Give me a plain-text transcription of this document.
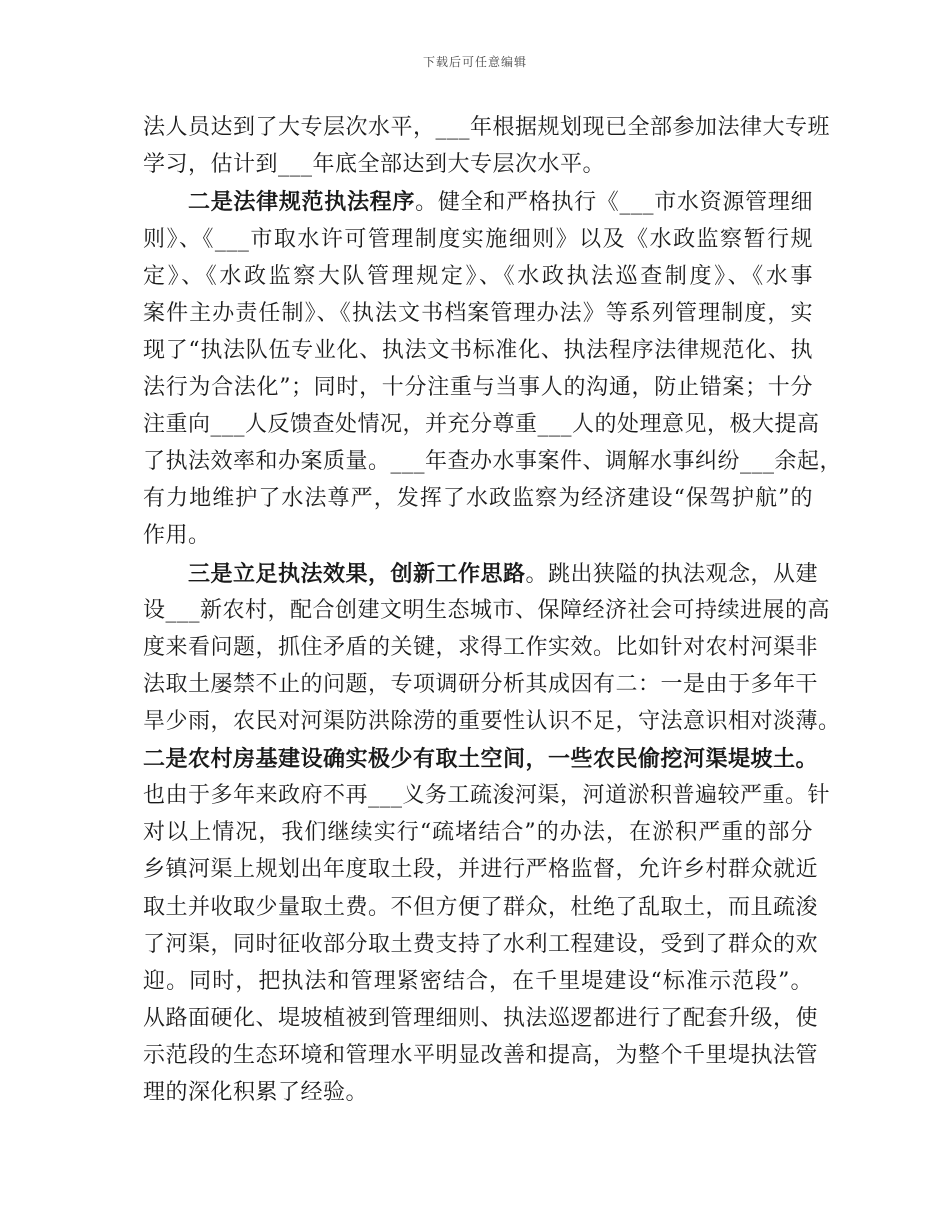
下载后可任意编辑
法人员达到了大专层次水平，___年根据规划现已全部参加法律大专班
学习，估计到___年底全部达到大专层次水平。
二是法律规范执法程序。健全和严格执行《___市水资源管理细
则》、《___市取水许可管理制度实施细则》以及《水政监察暂行规
定》、《水政监察大队管理规定》、《水政执法巡查制度》、《水事
案件主办责任制》、《执法文书档案管理办法》等系列管理制度，实
现了“执法队伍专业化、执法文书标准化、执法程序法律规范化、执
法行为合法化”；同时，十分注重与当事人的沟通，防止错案；十分
注重向___人反馈查处情况，并充分尊重___人的处理意见，极大提高
了执法效率和办案质量。___年查办水事案件、调解水事纠纷___余起，
有力地维护了水法尊严，发挥了水政监察为经济建设“保驾护航”的
作用。
三是立足执法效果，创新工作思路。跳出狭隘的执法观念，从建
设___新农村，配合创建文明生态城市、保障经济社会可持续进展的高
度来看问题，抓住矛盾的关键，求得工作实效。比如针对农村河渠非
法取土屡禁不止的问题，专项调研分析其成因有二：一是由于多年干
旱少雨，农民对河渠防洪除涝的重要性认识不足，守法意识相对淡薄。
二是农村房基建设确实极少有取土空间，一些农民偷挖河渠堤坡土。
也由于多年来政府不再___义务工疏浚河渠，河道淤积普遍较严重。针
对以上情况，我们继续实行“疏堵结合”的办法，在淤积严重的部分
乡镇河渠上规划出年度取土段，并进行严格监督，允许乡村群众就近
取土并收取少量取土费。不但方便了群众，杜绝了乱取土，而且疏浚
了河渠，同时征收部分取土费支持了水利工程建设，受到了群众的欢
迎。同时，把执法和管理紧密结合，在千里堤建设“标准示范段”。
从路面硬化、堤坡植被到管理细则、执法巡逻都进行了配套升级，使
示范段的生态环境和管理水平明显改善和提高，为整个千里堤执法管
理的深化积累了经验。
